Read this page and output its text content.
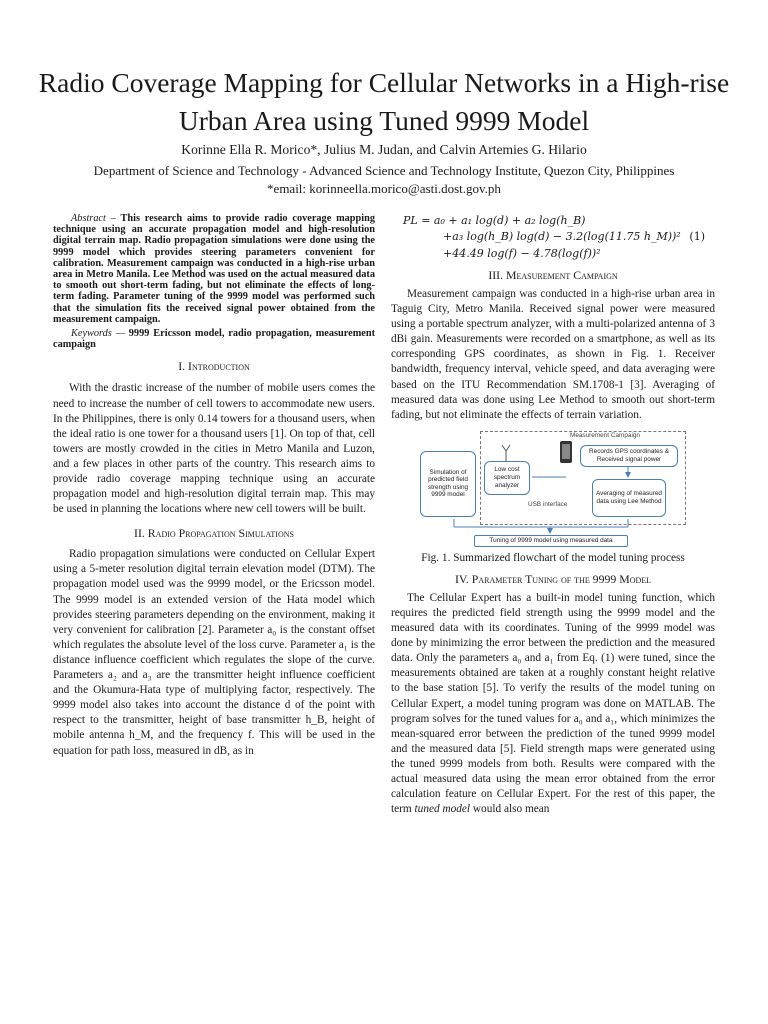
Radio Coverage Mapping for Cellular Networks in a High-rise Urban Area using Tuned 9999 Model
Korinne Ella R. Morico*, Julius M. Judan, and Calvin Artemies G. Hilario
Department of Science and Technology - Advanced Science and Technology Institute, Quezon City, Philippines
*email: korinneella.morico@asti.dost.gov.ph

Abstract – This research aims to provide radio coverage mapping technique using an accurate propagation model and high-resolution digital terrain map. Radio propagation simulations were done using the 9999 model which provides steering parameters convenient for calibration. Measurement campaign was conducted in a high-rise urban area in Metro Manila. Lee Method was used on the actual measured data to smooth out short-term fading, but not eliminate the effects of long-term fading. Parameter tuning of the 9999 model was performed such that the simulation fits the received signal power obtained from the measurement campaign.

Keywords — 9999 Ericsson model, radio propagation, measurement campaign

I. Introduction

With the drastic increase of the number of mobile users comes the need to increase the number of cell towers to accommodate new users. In the Philippines, there is only 0.14 towers for a thousand users, when the ideal ratio is one tower for a thousand users [1]. On top of that, cell towers are mostly crowded in the cities in Metro Manila and Luzon, and a few places in other parts of the country. This research aims to provide radio coverage mapping technique using an accurate propagation model and high-resolution digital terrain map. This may be used in planning the locations where new cell towers will be built.

II. Radio Propagation Simulations

Radio propagation simulations were conducted on Cellular Expert using a 5-meter resolution digital terrain elevation model (DTM). The propagation model used was the 9999 model, or the Ericsson model. The 9999 model is an extended version of the Hata model which provides steering parameters depending on the environment, making it very convenient for calibration [2]. Parameter a₀ is the constant offset which regulates the absolute level of the loss curve. Parameter a₁ is the distance influence coefficient which regulates the slope of the curve. Parameters a₂ and a₃ are the transmitter height influence coefficient and the Okumura-Hata type of multiplying factor, respectively. The 9999 model also takes into account the distance d of the point with respect to the transmitter, height of base transmitter h_B, height of mobile antenna h_M, and the frequency f. This will be used in the equation for path loss, measured in dB, as in

PL = a₀ + a₁ log(d) + a₂ log(h_B)
+a₃ log(h_B) log(d) − 3.2(log(11.75 h_M))²
+44.49 log(f) − 4.78(log(f))²
(1)
III. Measurement Campaign

Measurement campaign was conducted in a high-rise urban area in Taguig City, Metro Manila. Received signal power were measured using a portable spectrum analyzer, with a multi-polarized antenna of 3 dBi gain. Measurements were recorded on a smartphone, as well as its corresponding GPS coordinates, as shown in Fig. 1. Receiver bandwidth, frequency interval, vehicle speed, and data averaging were based on the ITU Recommendation SM.1708-1 [3]. Averaging of measured data was done using Lee Method to smooth out short-term fading, but not eliminate the effects of terrain variation.

Measurement Campaign
Simulation of predicted field strength using 9999 model
Low cost spectrum analyzer
USB interface
Records GPS coordinates & Received signal power
Averaging of measured data using Lee Method
Tuning of 9999 model using measured data
Fig. 1. Summarized flowchart of the model tuning process
IV. Parameter Tuning of the 9999 Model

The Cellular Expert has a built-in model tuning function, which requires the predicted field strength using the 9999 model and the measured data with its coordinates. Tuning of the 9999 model was done by minimizing the error between the prediction and the measured data. Only the parameters a₀ and a₁ from Eq. (1) were tuned, since the measurements obtained are taken at a roughly constant height relative to the base station [5]. To verify the results of the model tuning on Cellular Expert, a model tuning program was done on MATLAB. The program solves for the tuned values for a₀ and a₁, which minimizes the mean-squared error between the prediction of the tuned 9999 model and the measured data [5]. Field strength maps were generated using the tuned 9999 models from both. Results were compared with the actual measured data using the mean error obtained from the error calculation feature on Cellular Expert. For the rest of this paper, the term tuned model would also mean
